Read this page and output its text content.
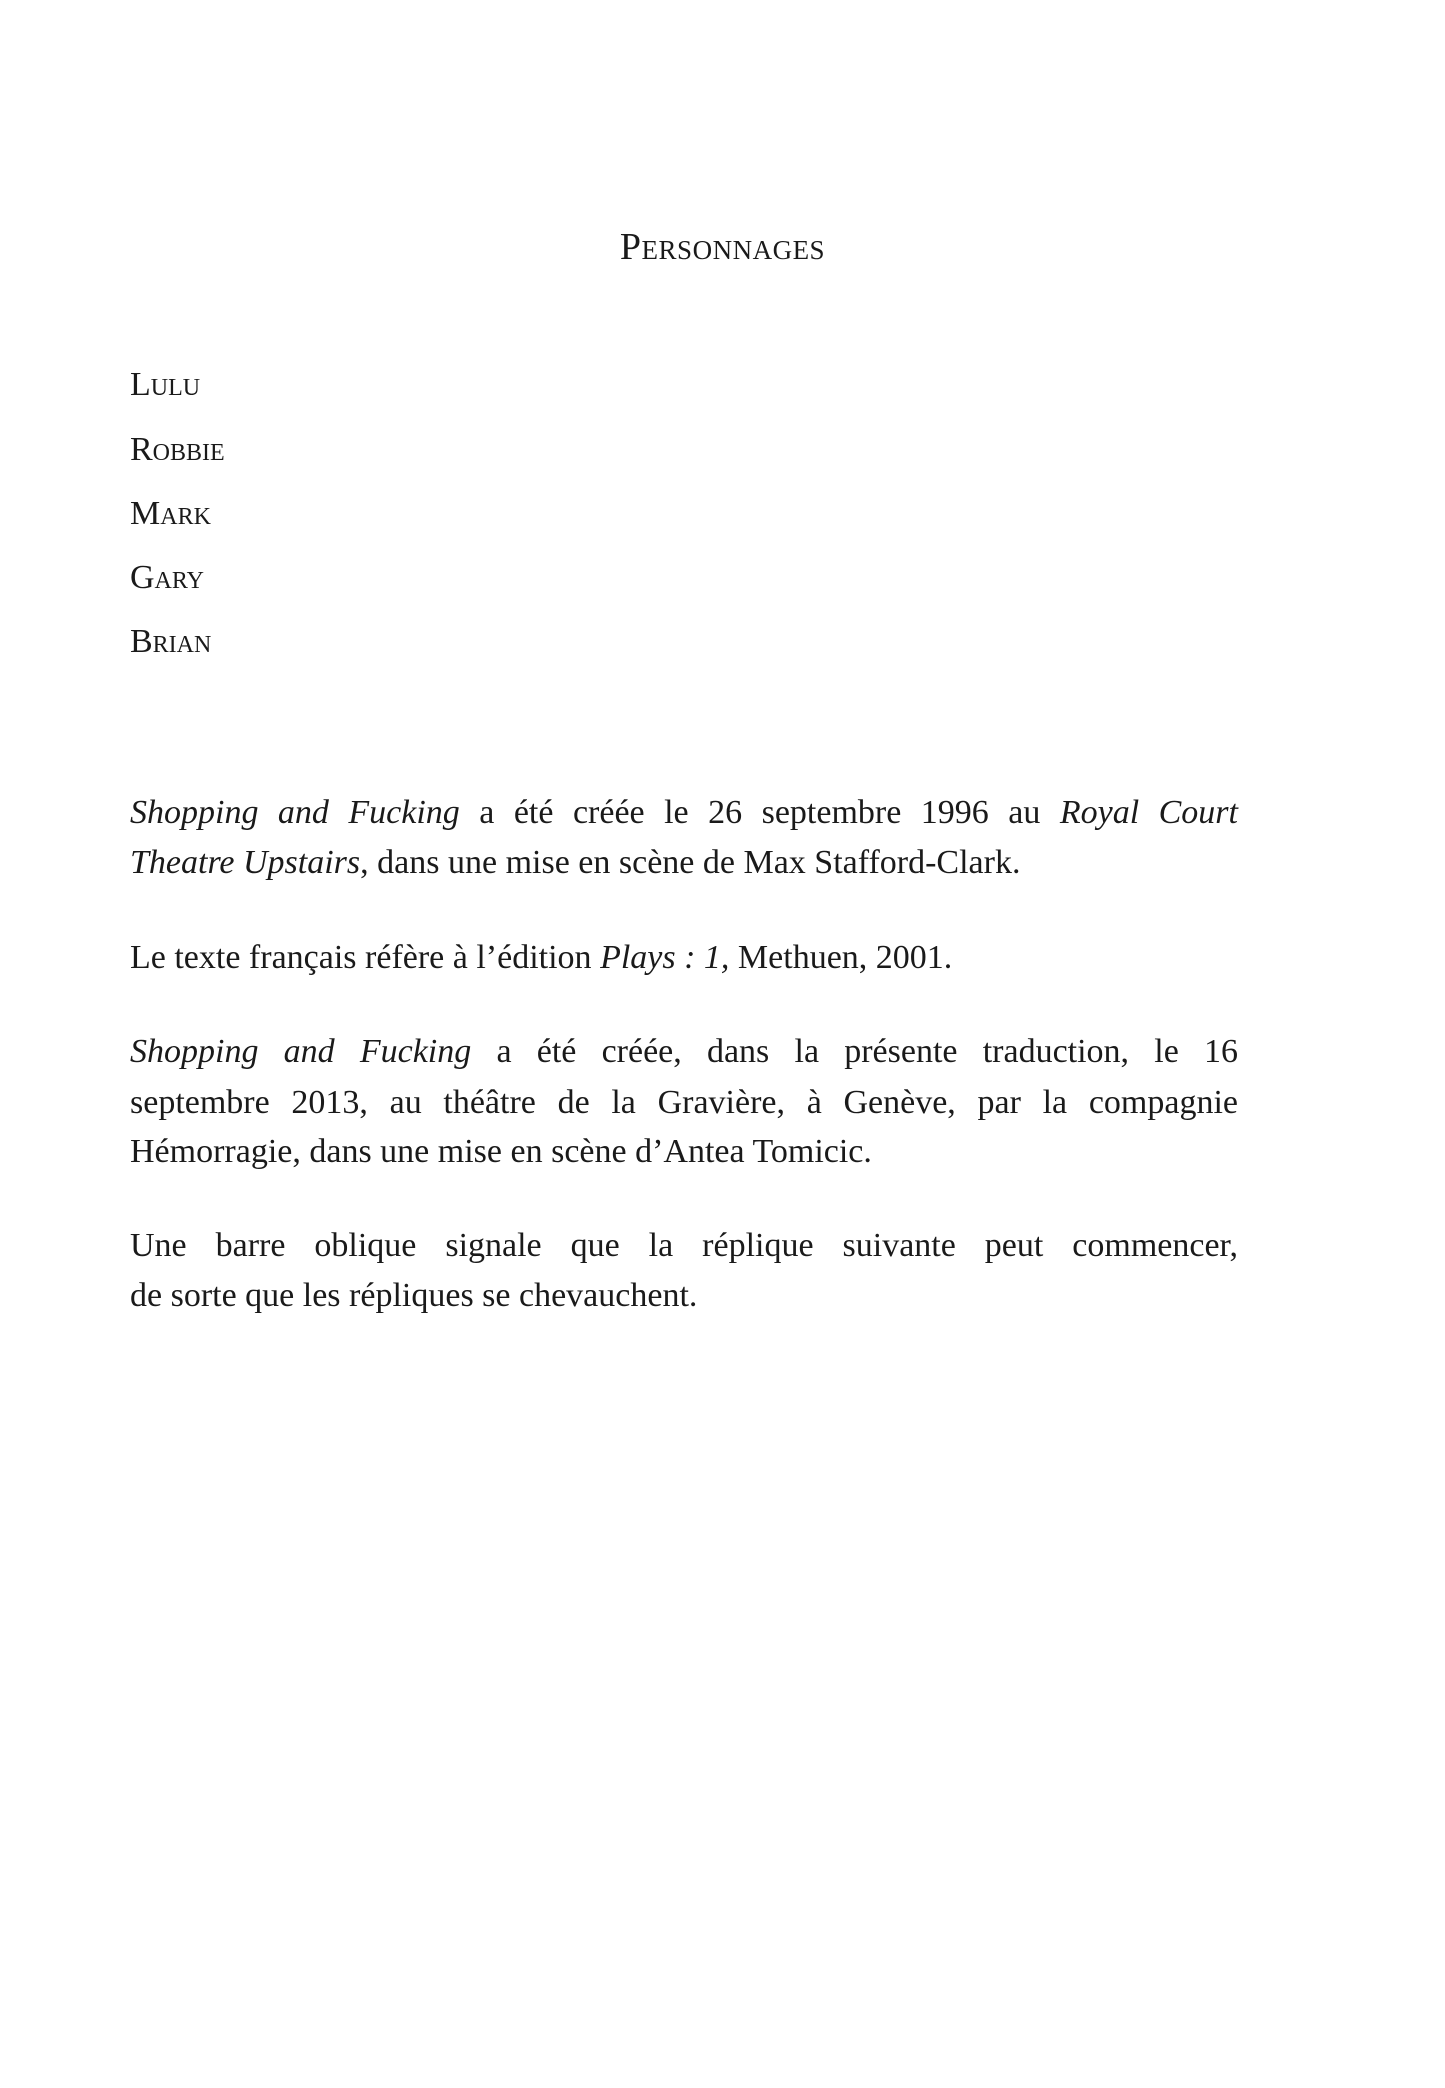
Personnages
Lulu
Robbie
Mark
Gary
Brian
Shopping and Fucking a été créée le 26 septembre 1996 au Royal Court
Theatre Upstairs, dans une mise en scène de Max Stafford-Clark.
Le texte français réfère à l’édition Plays : 1, Methuen, 2001.
Shopping and Fucking a été créée, dans la présente traduction, le 16
septembre 2013, au théâtre de la Gravière, à Genève, par la compagnie
Hémorragie, dans une mise en scène d’Antea Tomicic.
Une barre oblique signale que la réplique suivante peut commencer,
de sorte que les répliques se chevauchent.
